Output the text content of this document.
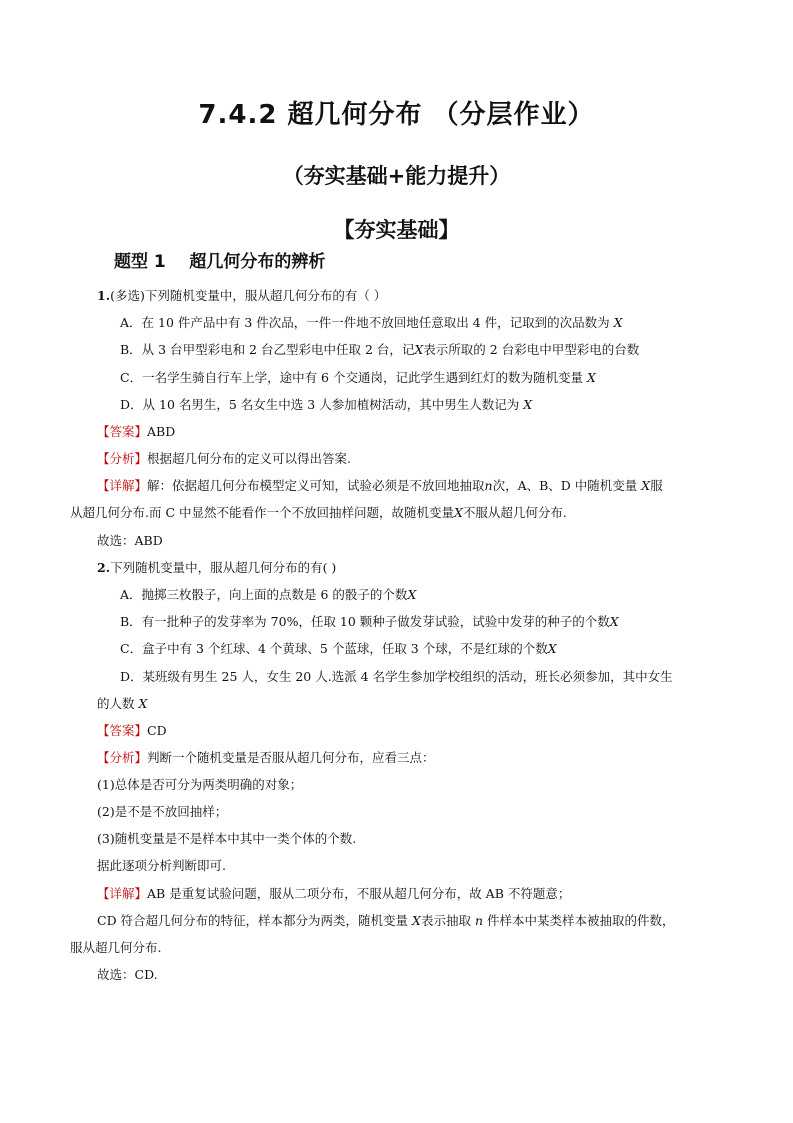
7.4.2 超几何分布 （分层作业）
（夯实基础+能力提升）
【夯实基础】
题型 1    超几何分布的辨析
1.(多选)下列随机变量中，服从超几何分布的有（ ）
A．在 10 件产品中有 3 件次品，一件一件地不放回地任意取出 4 件，记取到的次品数为 X
B．从 3 台甲型彩电和 2 台乙型彩电中任取 2 台，记X表示所取的 2 台彩电中甲型彩电的台数
C．一名学生骑自行车上学，途中有 6 个交通岗，记此学生遇到红灯的数为随机变量 X
D．从 10 名男生，5 名女生中选 3 人参加植树活动，其中男生人数记为 X
【答案】ABD
【分析】根据超几何分布的定义可以得出答案.
【详解】解：依据超几何分布模型定义可知，试验必须是不放回地抽取n次，A、B、D 中随机变量 X服
从超几何分布.而 C 中显然不能看作一个不放回抽样问题，故随机变量X不服从超几何分布.
故选：ABD
2.下列随机变量中，服从超几何分布的有( )
A．抛掷三枚骰子，向上面的点数是 6 的骰子的个数X
B．有一批种子的发芽率为 70%，任取 10 颗种子做发芽试验，试验中发芽的种子的个数X
C．盒子中有 3 个红球、4 个黄球、5 个蓝球，任取 3 个球，不是红球的个数X
D．某班级有男生 25 人，女生 20 人.选派 4 名学生参加学校组织的活动，班长必须参加，其中女生
的人数 X
【答案】CD
【分析】判断一个随机变量是否服从超几何分布，应看三点：
(1)总体是否可分为两类明确的对象；
(2)是不是不放回抽样；
(3)随机变量是不是样本中其中一类个体的个数.
据此逐项分析判断即可.
【详解】AB 是重复试验问题，服从二项分布，不服从超几何分布，故 AB 不符题意；
CD 符合超几何分布的特征，样本都分为两类，随机变量 X表示抽取 n 件样本中某类样本被抽取的件数，
服从超几何分布.
故选：CD.
